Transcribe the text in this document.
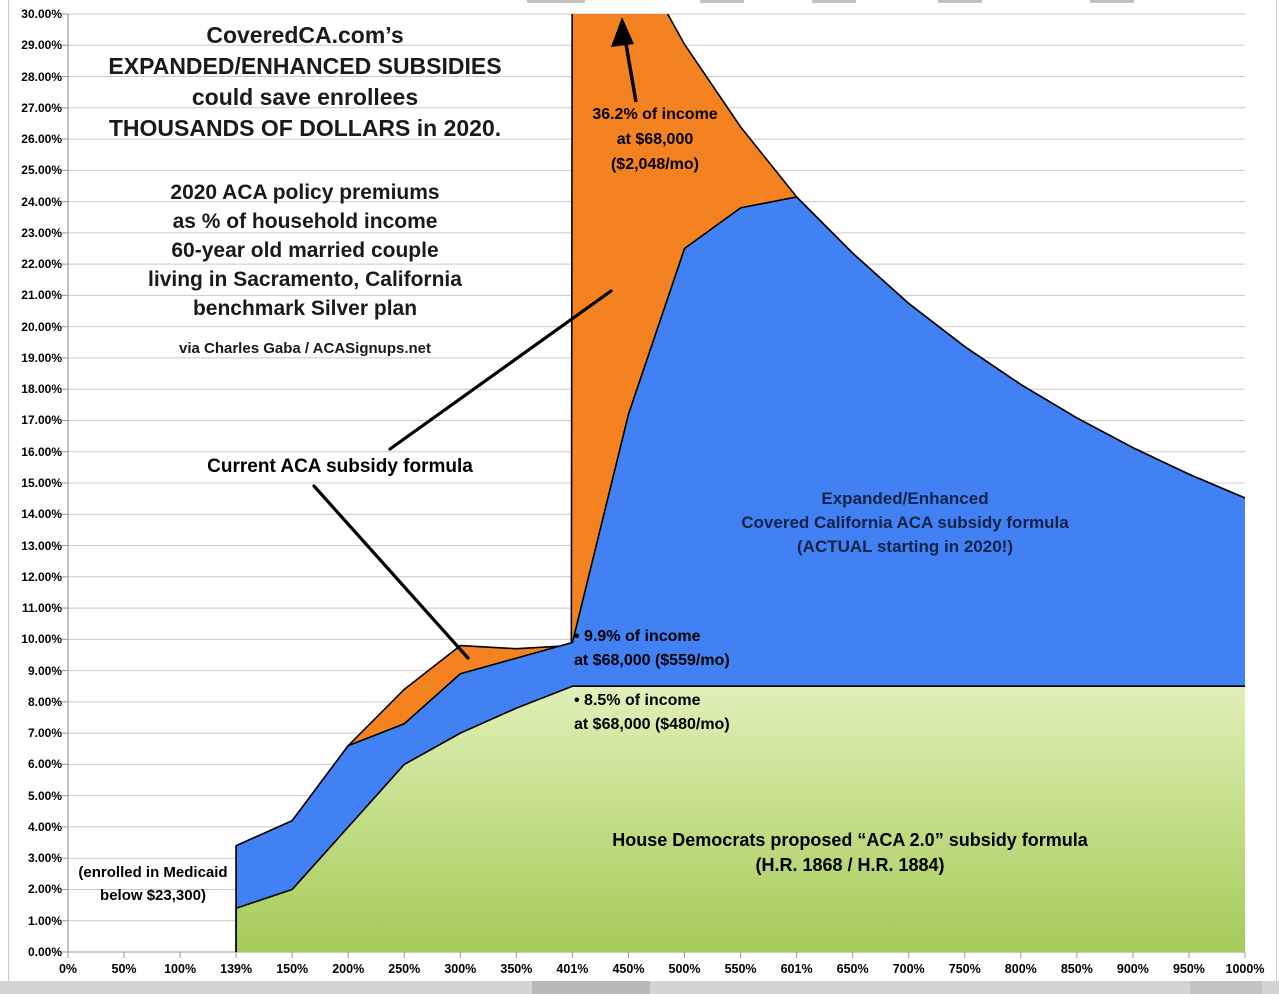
0.00%
1.00%
2.00%
3.00%
4.00%
5.00%
6.00%
7.00%
8.00%
9.00%
10.00%
11.00%
12.00%
13.00%
14.00%
15.00%
16.00%
17.00%
18.00%
19.00%
20.00%
21.00%
22.00%
23.00%
24.00%
25.00%
26.00%
27.00%
28.00%
29.00%
30.00%
0%	50%	100%	139%	150%	200%	250%	300%	350%	401%	450%	500%	550%	601%	650%	700%	750%	800%	850%	900%	950%	1000%
CoveredCA.com’s
EXPANDED/ENHANCED SUBSIDIES
could save enrollees
THOUSANDS OF DOLLARS in 2020.
2020 ACA policy premiums
as % of household income
60-year old married couple
living in Sacramento, California
benchmark Silver plan
via Charles Gaba / ACASignups.net
36.2% of income
at $68,000
($2,048/mo)
Current ACA subsidy formula
• 9.9% of income
at $68,000 ($559/mo)
• 8.5% of income
at $68,000 ($480/mo)
Expanded/Enhanced
Covered California ACA subsidy formula
(ACTUAL starting in 2020!)
House Democrats proposed “ACA 2.0” subsidy formula
(H.R. 1868 / H.R. 1884)
(enrolled in Medicaid
below $23,300)
